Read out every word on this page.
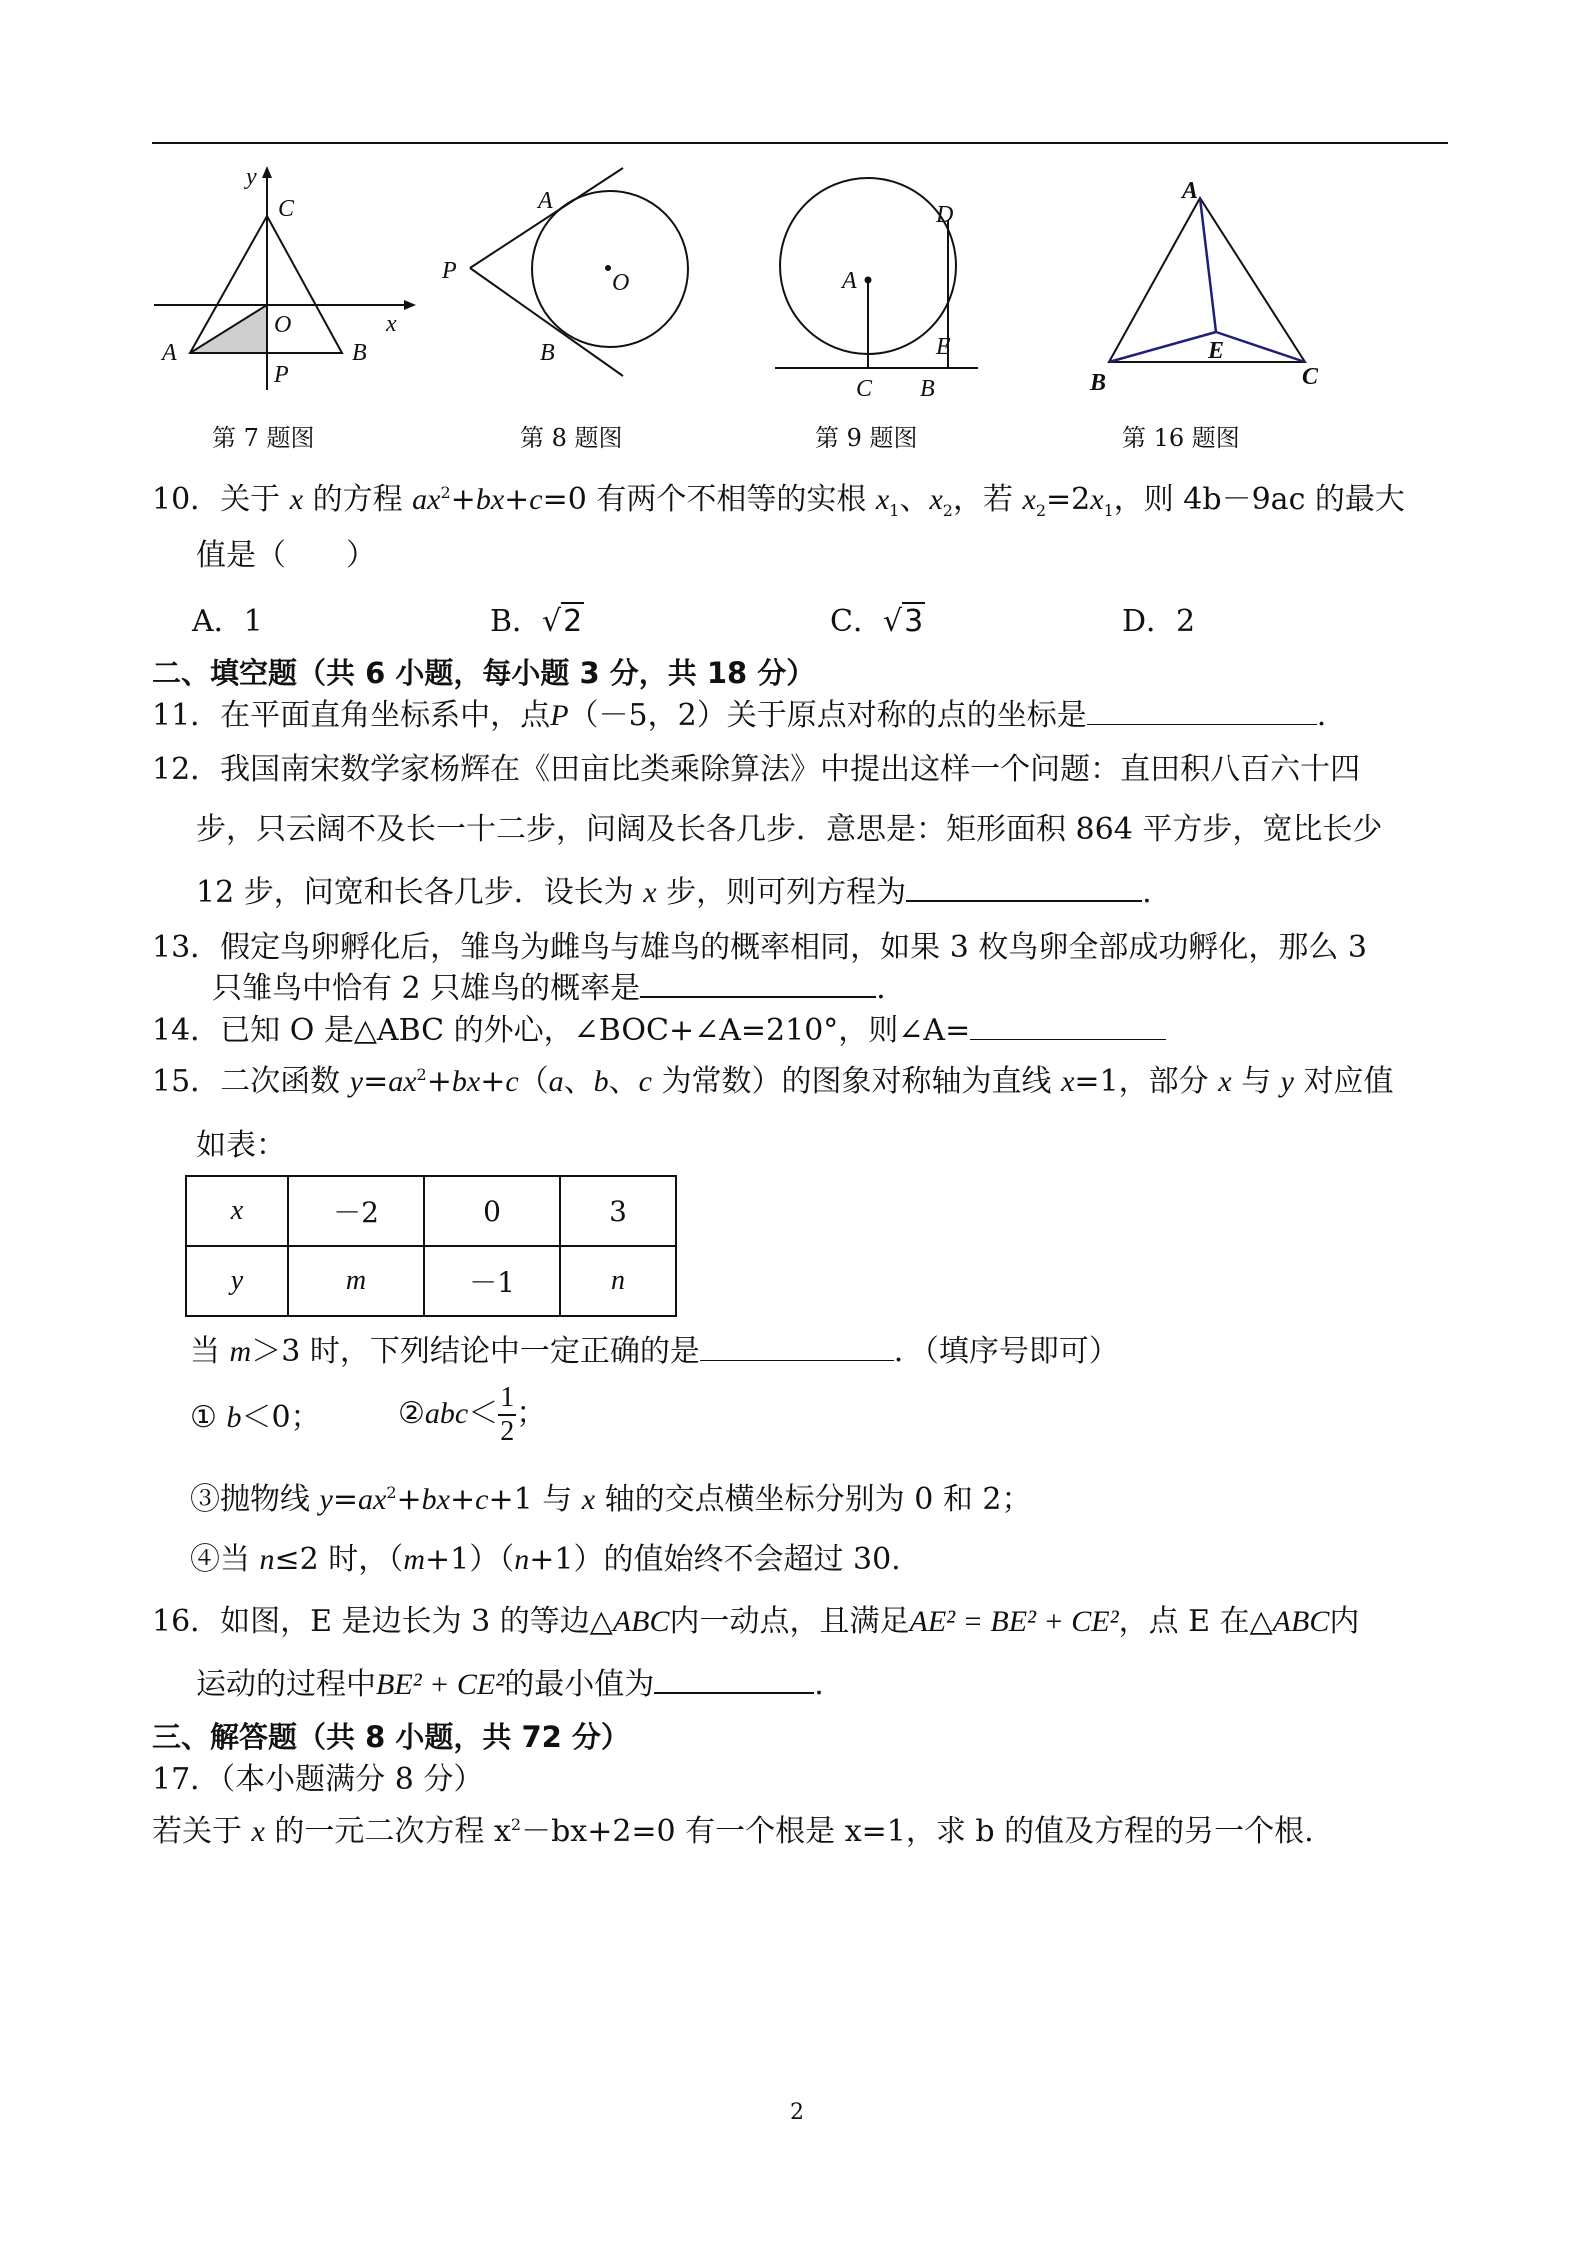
y
x
C
O
A	B
P
第 7 题图
A
P	O
B
第 8 题图
D
A
E
C B
第 9 题图
A
E
B	C
第 16 题图
10．关于 x 的方程 $ax^2+bx+c=0$ 有两个不相等的实根 $x_1$、$x_2$，若 $x_2=2x_1$，则 4b－9ac 的最大
值是（　　）
A．1	B．√2	C．√3	D．2
二、填空题（共 6 小题，每小题 3 分，共 18 分）
11．在平面直角坐标系中，点P（－5，2）关于原点对称的点的坐标是	.
12．我国南宋数学家杨辉在《田亩比类乘除算法》中提出这样一个问题：直田积八百六十四
步，只云阔不及长一十二步，问阔及长各几步．意思是：矩形面积 864 平方步，宽比长少
12 步，问宽和长各几步．设长为 x 步，则可列方程为	.
13．假定鸟卵孵化后，雏鸟为雌鸟与雄鸟的概率相同，如果 3 枚鸟卵全部成功孵化，那么 3
只雏鸟中恰有 2 只雄鸟的概率是	.
14．已知 O 是△ABC 的外心，∠BOC+∠A=210°，则∠A=
15．二次函数 $y=ax^2+bx+c(a$、b、c 为常数）的图象对称轴为直线 x=1，部分 x 与 y 对应值
如表：
x	－2	0	3
y	m	－1	n
当 m＞3 时，下列结论中一定正确的是	．（填序号即可）
① b＜0；	②abc＜ $\frac{1}{2}$ ；
③抛物线 $y=ax^2+bx+c+1$ 与 x 轴的交点横坐标分别为 0 和 2；
④当 n≤2 时，（m+1）（n+1）的值始终不会超过 30.
16．如图，E 是边长为 3 的等边△ABC内一动点，且满足AE² = BE² + CE²，点 E 在△ABC内
运动的过程中BE² + CE²的最小值为	.
三、解答题（共 8 小题，共 72 分）
17．（本小题满分 8 分）
若关于 x 的一元二次方程 $x^2-bx+2=0$ 有一个根是 x=1，求 b 的值及方程的另一个根.
2
